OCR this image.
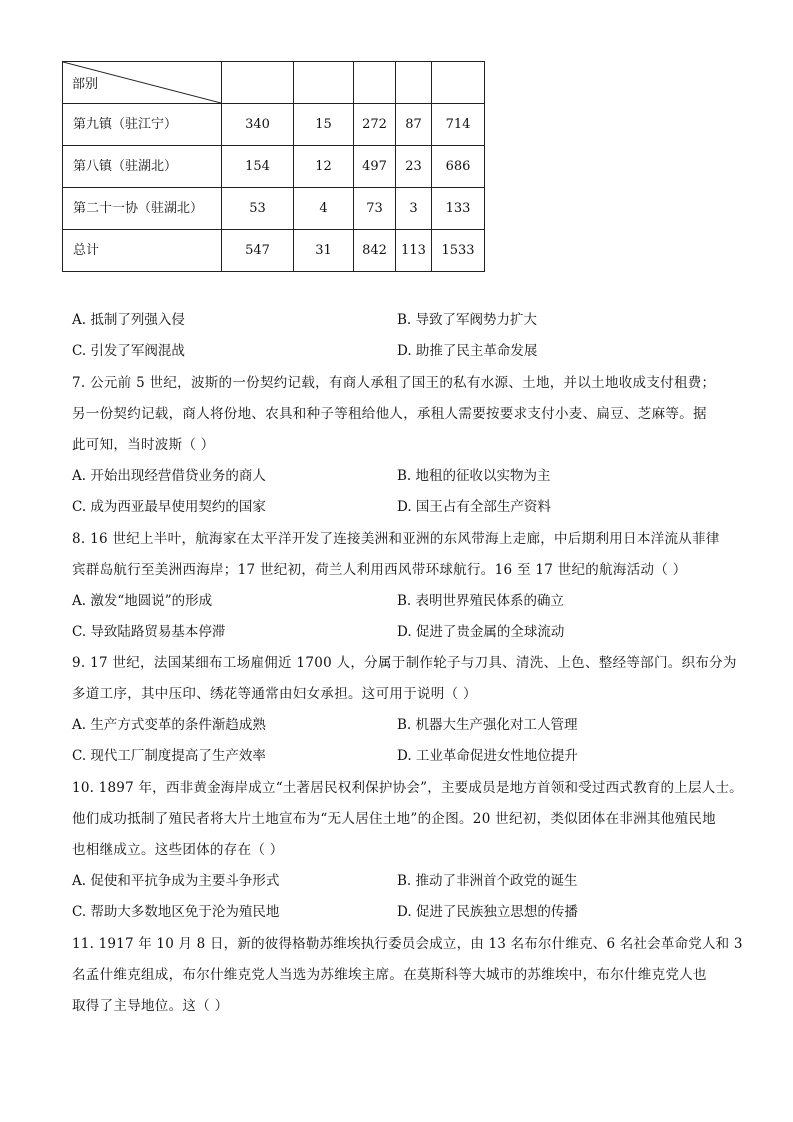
部别					

第九镇（驻江宁）	340	15	272	87	714
第八镇（驻湖北）	154	12	497	23	686
第二十一协（驻湖北）	53	4	73	3	133
总计	547	31	842	113	1533
A. 抵制了列强入侵	B. 导致了军阀势力扩大
C. 引发了军阀混战	D. 助推了民主革命发展
7. 公元前 5 世纪，波斯的一份契约记载，有商人承租了国王的私有水源、土地，并以土地收成支付租费；
另一份契约记载，商人将份地、农具和种子等租给他人，承租人需要按要求支付小麦、扁豆、芝麻等。据
此可知，当时波斯（ ）
A. 开始出现经营借贷业务的商人	B. 地租的征收以实物为主
C. 成为西亚最早使用契约的国家	D. 国王占有全部生产资料
8. 16 世纪上半叶，航海家在太平洋开发了连接美洲和亚洲的东风带海上走廊，中后期利用日本洋流从菲律
宾群岛航行至美洲西海岸；17 世纪初，荷兰人利用西风带环球航行。16 至 17 世纪的航海活动（ ）
A. 激发“地圆说”的形成	B. 表明世界殖民体系的确立
C. 导致陆路贸易基本停滞	D. 促进了贵金属的全球流动
9. 17 世纪，法国某细布工场雇佣近 1700 人，分属于制作轮子与刀具、清洗、上色、整经等部门。织布分为
多道工序，其中压印、绣花等通常由妇女承担。这可用于说明（ ）
A. 生产方式变革的条件渐趋成熟	B. 机器大生产强化对工人管理
C. 现代工厂制度提高了生产效率	D. 工业革命促进女性地位提升
10. 1897 年，西非黄金海岸成立“土著居民权利保护协会”，主要成员是地方首领和受过西式教育的上层人士。
他们成功抵制了殖民者将大片土地宣布为“无人居住土地”的企图。20 世纪初，类似团体在非洲其他殖民地
也相继成立。这些团体的存在（ ）
A. 促使和平抗争成为主要斗争形式	B. 推动了非洲首个政党的诞生
C. 帮助大多数地区免于沦为殖民地	D. 促进了民族独立思想的传播
11. 1917 年 10 月 8 日，新的彼得格勒苏维埃执行委员会成立，由 13 名布尔什维克、6 名社会革命党人和 3
名孟什维克组成，布尔什维克党人当选为苏维埃主席。在莫斯科等大城市的苏维埃中，布尔什维克党人也
取得了主导地位。这（ ）
